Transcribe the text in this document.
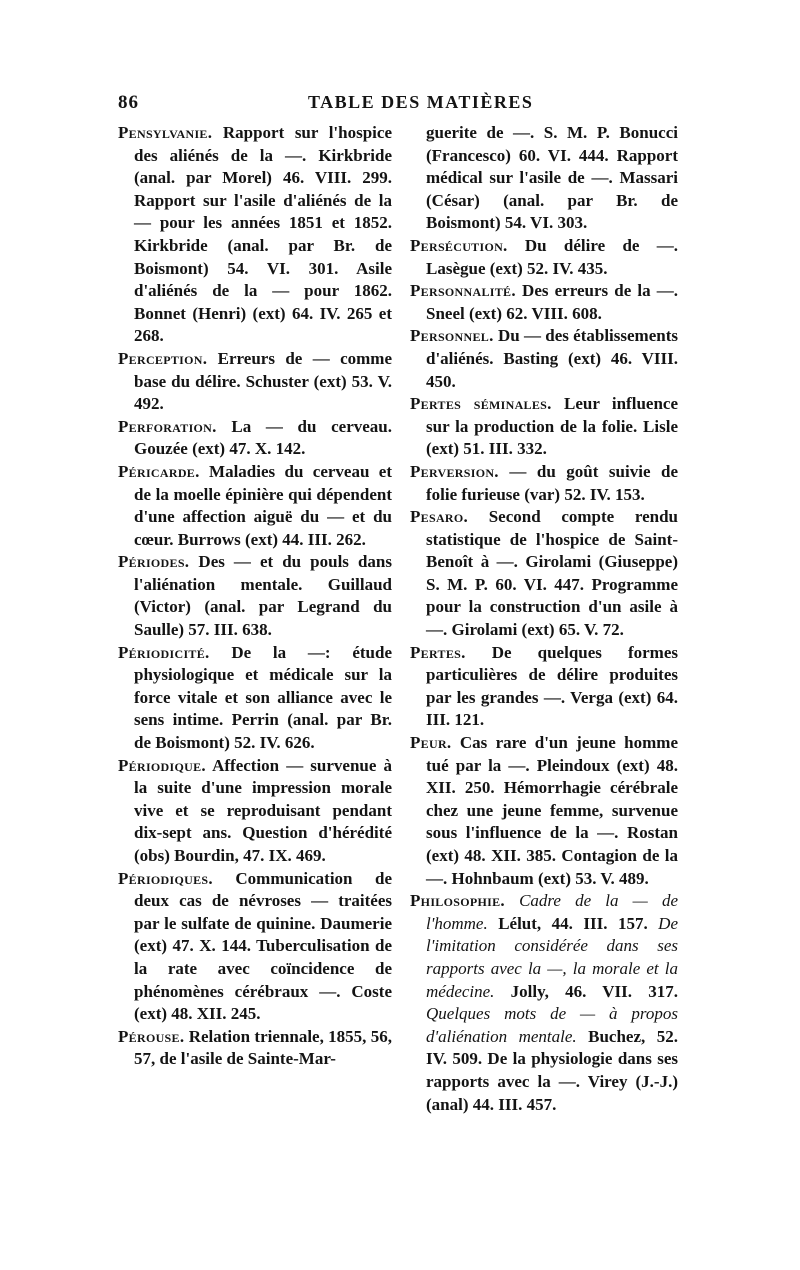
86	TABLE DES MATIÈRES

Pensylvanie. Rapport sur l'hospice des aliénés de la —. Kirkbride (anal. par Morel) 46. VIII. 299. Rapport sur l'asile d'aliénés de la — pour les années 1851 et 1852. Kirkbride (anal. par Br. de Boismont) 54. VI. 301. Asile d'aliénés de la — pour 1862. Bonnet (Henri) (ext) 64. IV. 265 et 268.

Perception. Erreurs de — comme base du délire. Schuster (ext) 53. V. 492.

Perforation. La — du cerveau. Gouzée (ext) 47. X. 142.

Péricarde. Maladies du cerveau et de la moelle épinière qui dépendent d'une affection aiguë du — et du cœur. Burrows (ext) 44. III. 262.

Périodes. Des — et du pouls dans l'aliénation mentale. Guillaud (Victor) (anal. par Legrand du Saulle) 57. III. 638.

Périodicité. De la —: étude physiologique et médicale sur la force vitale et son alliance avec le sens intime. Perrin (anal. par Br. de Boismont) 52. IV. 626.

Périodique. Affection — survenue à la suite d'une impression morale vive et se reproduisant pendant dix-sept ans. Question d'hérédité (obs) Bourdin, 47. IX. 469.

Périodiques. Communication de deux cas de névroses — traitées par le sulfate de quinine. Daumerie (ext) 47. X. 144. Tuberculisation de la rate avec coïncidence de phénomènes cérébraux —. Coste (ext) 48. XII. 245.

Pérouse. Relation triennale, 1855, 56, 57, de l'asile de Sainte-Mar-

guerite de —. S. M. P. Bonucci (Francesco) 60. VI. 444. Rapport médical sur l'asile de —. Massari (César) (anal. par Br. de Boismont) 54. VI. 303.

Persécution. Du délire de —. Lasègue (ext) 52. IV. 435.

Personnalité. Des erreurs de la —. Sneel (ext) 62. VIII. 608.

Personnel. Du — des établissements d'aliénés. Basting (ext) 46. VIII. 450.

Pertes séminales. Leur influence sur la production de la folie. Lisle (ext) 51. III. 332.

Perversion. — du goût suivie de folie furieuse (var) 52. IV. 153.

Pesaro. Second compte rendu statistique de l'hospice de Saint-Benoît à —. Girolami (Giuseppe) S. M. P. 60. VI. 447. Programme pour la construction d'un asile à —. Girolami (ext) 65. V. 72.

Pertes. De quelques formes particulières de délire produites par les grandes —. Verga (ext) 64. III. 121.

Peur. Cas rare d'un jeune homme tué par la —. Pleindoux (ext) 48. XII. 250. Hémorrhagie cérébrale chez une jeune femme, survenue sous l'influence de la —. Rostan (ext) 48. XII. 385. Contagion de la —. Hohnbaum (ext) 53. V. 489.

Philosophie. Cadre de la — de l'homme. Lélut, 44. III. 157. De l'imitation considérée dans ses rapports avec la —, la morale et la médecine. Jolly, 46. VII. 317. Quelques mots de — à propos d'aliénation mentale. Buchez, 52. IV. 509. De la physiologie dans ses rapports avec la —. Virey (J.-J.) (anal) 44. III. 457.
